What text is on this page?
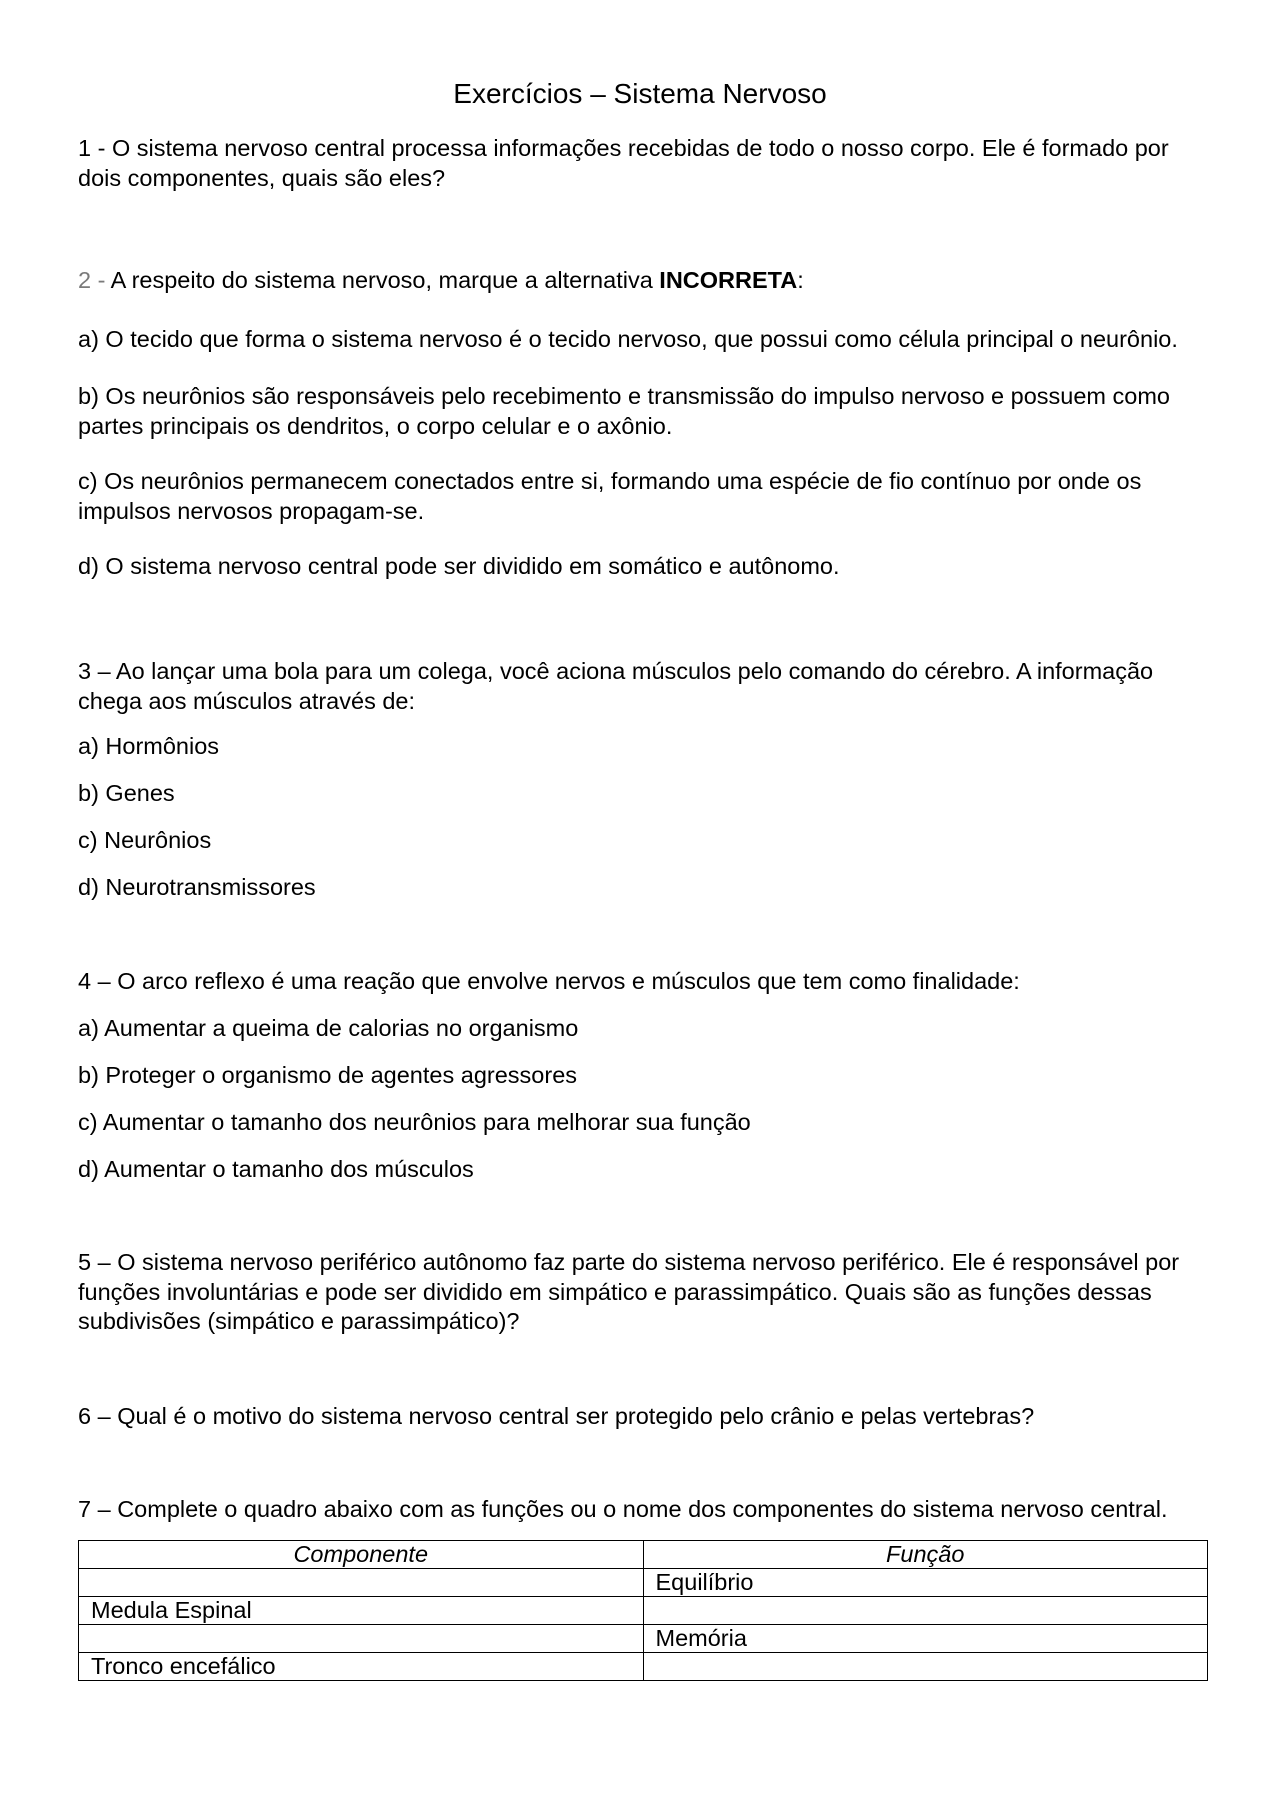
Exercícios – Sistema Nervoso
1 - O sistema nervoso central processa informações recebidas de todo o nosso corpo. Ele é formado por dois componentes, quais são eles?
2 - A respeito do sistema nervoso, marque a alternativa INCORRETA:
a) O tecido que forma o sistema nervoso é o tecido nervoso, que possui como célula principal o neurônio.
b) Os neurônios são responsáveis pelo recebimento e transmissão do impulso nervoso e possuem como partes principais os dendritos, o corpo celular e o axônio.
c) Os neurônios permanecem conectados entre si, formando uma espécie de fio contínuo por onde os impulsos nervosos propagam-se.
d) O sistema nervoso central pode ser dividido em somático e autônomo.
3 – Ao lançar uma bola para um colega, você aciona músculos pelo comando do cérebro. A informação chega aos músculos através de:
a) Hormônios
b) Genes
c) Neurônios
d) Neurotransmissores
4 – O arco reflexo é uma reação que envolve nervos e músculos que tem como finalidade:
a) Aumentar a queima de calorias no organismo
b) Proteger o organismo de agentes agressores
c) Aumentar o tamanho dos neurônios para melhorar sua função
d) Aumentar o tamanho dos músculos
5 – O sistema nervoso periférico autônomo faz parte do sistema nervoso periférico. Ele é responsável por funções involuntárias e pode ser dividido em simpático e parassimpático. Quais são as funções dessas subdivisões (simpático e parassimpático)?
6 – Qual é o motivo do sistema nervoso central ser protegido pelo crânio e pelas vertebras?
7 – Complete o quadro abaixo com as funções ou o nome dos componentes do sistema nervoso central.
Componente	Função
	Equilíbrio
Medula Espinal	
	Memória
Tronco encefálico	
